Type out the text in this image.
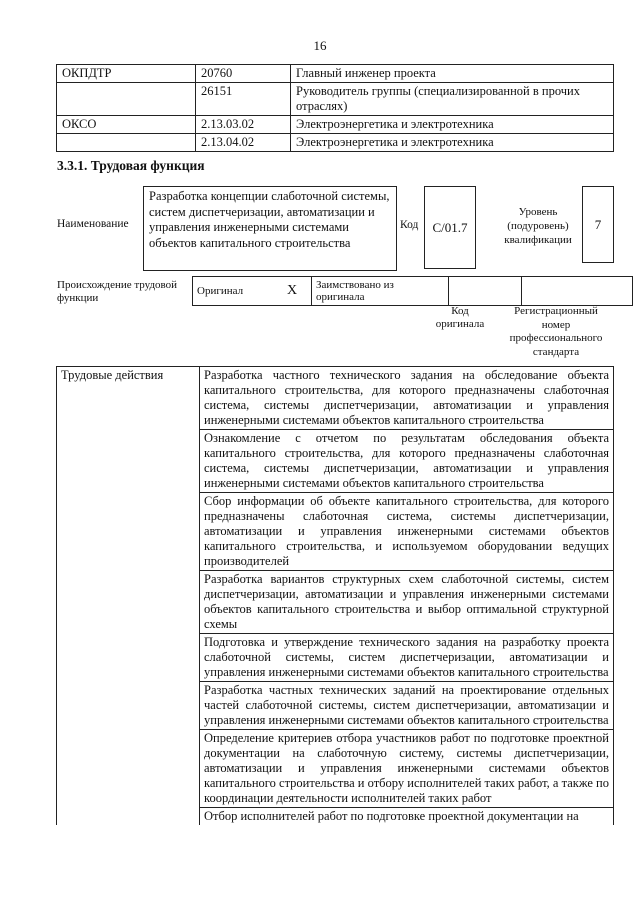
16
ОКПДТР	20760	Главный инженер проекта
	26151	Руководитель группы (специализированной в прочих отраслях)
ОКСО	2.13.03.02	Электроэнергетика и электротехника
	2.13.04.02	Электроэнергетика и электротехника
3.3.1. Трудовая функция
Наименование
Разработка концепции слаботочной системы, систем диспетчеризации, автоматизации и управления инженерными системами объектов капитального строительства
Код	С/01.7
Уровень (подуровень) квалификации
7
Происхождение трудовой функции
Оригинал	X	Заимствовано из оригинала		
Код оригинала
Регистрационный номер профессионального стандарта
Трудовые действия	Разработка частного технического задания на обследование объекта капитального строительства, для которого предназначены слаботочная система, системы диспетчеризации, автоматизации и управления инженерными системами объектов капитального строительства
Ознакомление с отчетом по результатам обследования объекта капитального строительства, для которого предназначены слаботочная система, системы диспетчеризации, автоматизации и управления инженерными системами объектов капитального строительства
Сбор информации об объекте капитального строительства, для которого предназначены слаботочная система, системы диспетчеризации, автоматизации и управления инженерными системами объектов капитального строительства, и используемом оборудовании ведущих производителей
Разработка вариантов структурных схем слаботочной системы, систем диспетчеризации, автоматизации и управления инженерными системами объектов капитального строительства и выбор оптимальной структурной схемы
Подготовка и утверждение технического задания на разработку проекта слаботочной системы, систем диспетчеризации, автоматизации и управления инженерными системами объектов капитального строительства
Разработка частных технических заданий на проектирование отдельных частей слаботочной системы, систем диспетчеризации, автоматизации и управления инженерными системами объектов капитального строительства
Определение критериев отбора участников работ по подготовке проектной документации на слаботочную систему, системы диспетчеризации, автоматизации и управления инженерными системами объектов капитального строительства и отбору исполнителей таких работ, а также по координации деятельности исполнителей таких работ
Отбор исполнителей работ по подготовке проектной документации на
